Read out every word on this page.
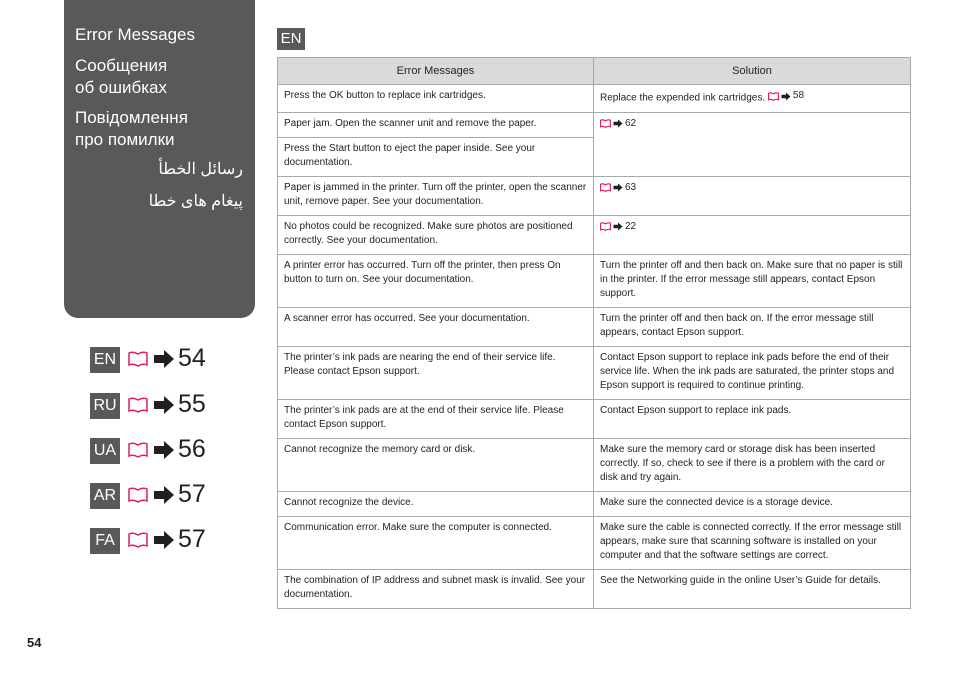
Error Messages
Сообщения
об ошибках
Повідомлення
про помилки
رسائل الخطأ
پیغام های خطا
EN 54
RU 55
UA 56
AR 57
FA	57
EN
Error Messages	Solution
Press the OK button to replace ink cartridges.	Replace the expended ink cartridges. 58

Paper jam. Open the scanner unit and remove the paper.	62

Press the Start button to eject the paper inside. See your documentation.	
Paper is jammed in the printer. Turn off the printer, open the scanner unit, remove paper. See your documentation.	63

No photos could be recognized. Make sure photos are positioned correctly. See your documentation.	22

A printer error has occurred. Turn off the printer, then press On button to turn on. See your documentation.	Turn the printer off and then back on. Make sure that no paper is still in the printer. If the error message still appears, contact Epson support.
A scanner error has occurred. See your documentation.	Turn the printer off and then back on. If the error message still appears, contact Epson support.
The printer’s ink pads are nearing the end of their service life. Please contact Epson support.	Contact Epson support to replace ink pads before the end of their service life. When the ink pads are saturated, the printer stops and Epson support is required to continue printing.
The printer’s ink pads are at the end of their service life. Please contact Epson support.	Contact Epson support to replace ink pads.
Cannot recognize the memory card or disk.	Make sure the memory card or storage disk has been inserted correctly. If so, check to see if there is a problem with the card or disk and try again.
Cannot recognize the device.	Make sure the connected device is a storage device.
Communication error. Make sure the computer is connected.	Make sure the cable is connected correctly. If the error message still appears, make sure that scanning software is installed on your computer and that the software settings are correct.
The combination of IP address and subnet mask is invalid. See your documentation.	See the Networking guide in the online User’s Guide for details.
54
